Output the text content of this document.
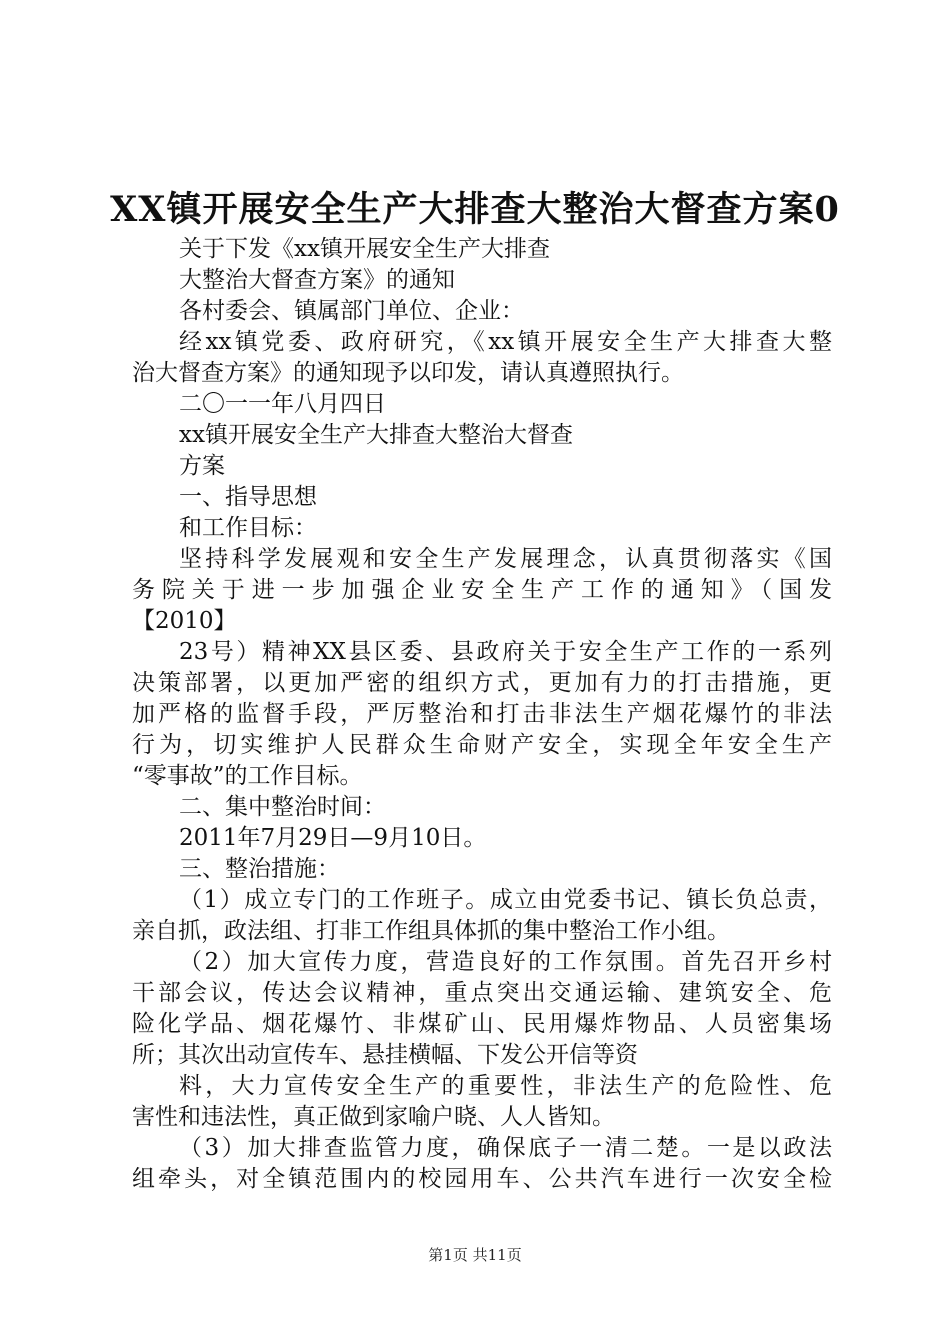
XX镇开展安全生产大排查大整治大督查方案0

关于下发《xx镇开展安全生产大排查

大整治大督查方案》的通知

各村委会、镇属部门单位、企业：

经xx镇党委、政府研究，《xx镇开展安全生产大排查大整

治大督查方案》的通知现予以印发，请认真遵照执行。

二〇一一年八月四日

xx镇开展安全生产大排查大整治大督查

方案

一、指导思想

和工作目标：

坚持科学发展观和安全生产发展理念，认真贯彻落实《国

务院关于进一步加强企业安全生产工作的通知》（国发

【2010】

23号）精神XX县区委、县政府关于安全生产工作的一系列

决策部署，以更加严密的组织方式，更加有力的打击措施，更

加严格的监督手段，严厉整治和打击非法生产烟花爆竹的非法

行为，切实维护人民群众生命财产安全，实现全年安全生产

“零事故”的工作目标。

二、集中整治时间：

2011年7月29日—9月10日。

三、整治措施：

（1）成立专门的工作班子。成立由党委书记、镇长负总责，

亲自抓，政法组、打非工作组具体抓的集中整治工作小组。

（2）加大宣传力度，营造良好的工作氛围。首先召开乡村

干部会议，传达会议精神，重点突出交通运输、建筑安全、危

险化学品、烟花爆竹、非煤矿山、民用爆炸物品、人员密集场

所；其次出动宣传车、悬挂横幅、下发公开信等资

料，大力宣传安全生产的重要性，非法生产的危险性、危

害性和违法性，真正做到家喻户晓、人人皆知。

（3）加大排查监管力度，确保底子一清二楚。一是以政法

组牵头，对全镇范围内的校园用车、公共汽车进行一次安全检

第1页 共11页
